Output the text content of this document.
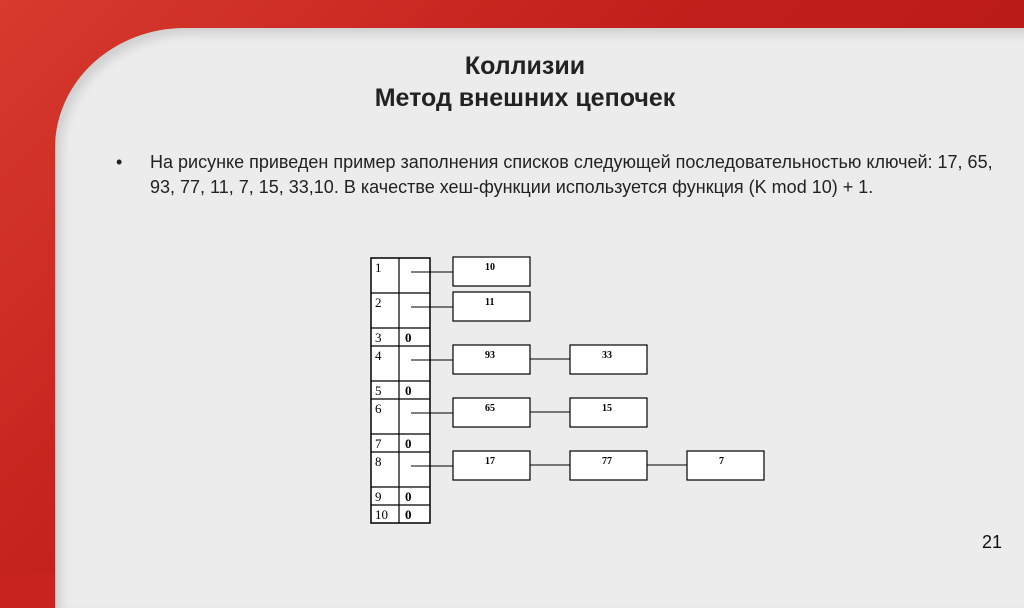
Коллизии
Метод внешних цепочек
• На рисунке приведен пример заполнения списков следующей последовательностью ключей: 17, 65, 93, 77, 11, 7, 15, 33,10. В качестве хеш-функции используется функция (K mod 10) + 1.
1
2
3 0
4
5 0
6
7 0
8
9 0
10 0
10
11
93	33
65	15
17	77	7
21
